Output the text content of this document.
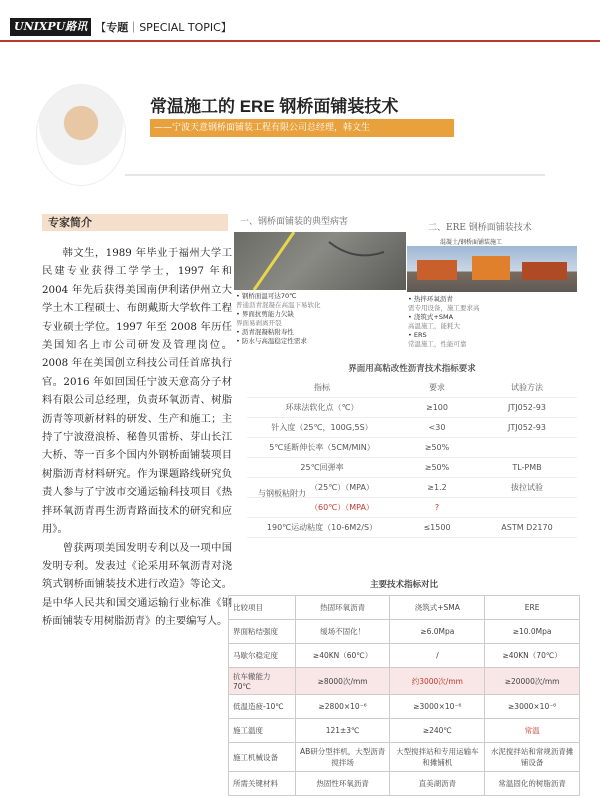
UNIXPU路讯 【专题｜SPECIAL TOPIC】
常温施工的 ERE 钢桥面铺装技术
——宁波天意钢桥面铺装工程有限公司总经理，韩文生
专家简介

韩文生，1989 年毕业于福州大学工民建专业获得工学学士，1997 年和 2004 年先后获得美国南伊利诺伊州立大学土木工程硕士、布朗戴斯大学软件工程专业硕士学位。1997 年至 2008 年历任美国知名上市公司研发及管理岗位。2008 年在美国创立科技公司任首席执行官。2016 年如回国任宁波天意高分子材料有限公司总经理，负责环氧沥青、树脂沥青等项新材料的研发、生产和施工；主持了宁波澄浪桥、秘鲁贝雷桥、芽山长江大桥、等一百多个国内外钢桥面铺装项目树脂沥青材料研究。作为课题路线研究负责人参与了宁波市交通运输科技项目《热拌环氧沥青再生沥青路面技术的研究和应用》。

曾获两项美国发明专利以及一项中国发明专利。发表过《论采用环氧沥青对浇筑式钢桥面铺装技术进行改造》等论文。是中华人民共和国交通运输行业标准《钢桥面铺装专用树脂沥青》的主要编写人。

一、钢桥面铺装的典型病害
二、ERE 钢桥面铺装技术
• 钢桥面温可达70℃
普通沥青混凝在高温下易软化
• 界面抗剪能力欠缺
界面易剥离开裂
• 沥青混凝粘附寿性
• 防水与高温稳定性需求
混凝土/钢桥面铺装施工
• 热拌环氧沥青
需专用设备，施工要求高
• 浇筑式+SMA
高温施工，能耗大
• ERS
常温施工，性能可靠
界面用高粘改性沥青技术指标要求
指标	要求	试验方法
环球法软化点（℃）	≥100	JTJ052-93
针入度（25℃，100G,5S）	<30	JTJ052-93
5℃延断伸长率（5CM/MIN）	≥50%
25℃回弹率	≥50%	TL-PMB
与钢板粘附力
（25℃）（MPA）	≥1.2	拔拉试验
（60℃）（MPA）	?
190℃运动粘度（10-6M2/S）	≤1500	ASTM D2170
主要技术指标对比
比较项目	热固环氧沥青	浇筑式+SMA	ERE
界面粘结强度	缓场不固化！	≥6.0Mpa	≥10.0Mpa
马歇尔稳定度	≥40KN（60℃）	/	≥40KN（70℃）
抗车辙能力 70℃	≥8000次/mm	约3000次/mm	≥20000次/mm
低温造疲-10℃	≥2800×10⁻⁶	≥3000×10⁻⁶	≥3000×10⁻⁶
施工温度	121±3℃	≥240℃	常温
施工机械设备	AB研分型拌机，大型沥青搅拌场	大型搅拌站和专用运输车和摊铺机	水泥搅拌站和常规沥青摊铺设备
所需关键材料	热固性环氧沥青	直美湖沥青	常温固化的树脂沥青
